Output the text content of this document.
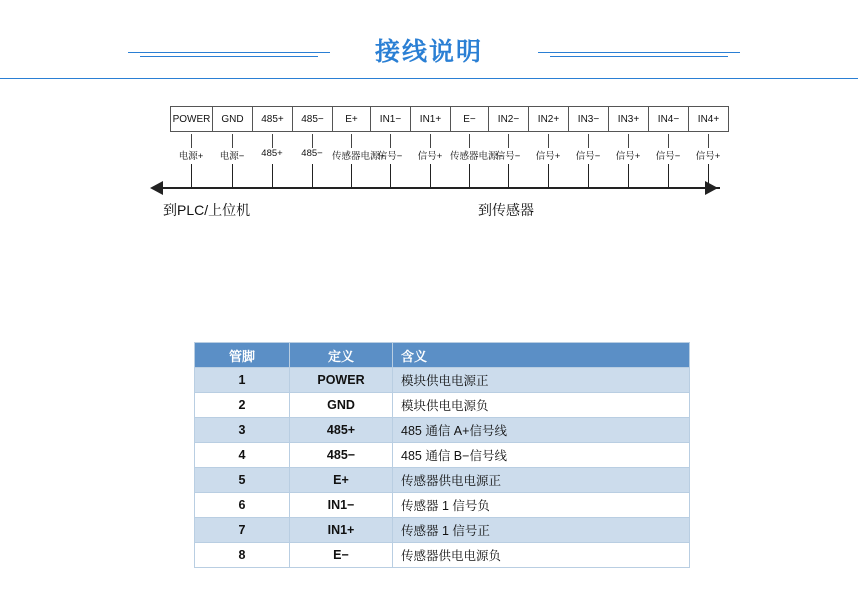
接线说明
POWER	GND	485+	485−	E+	IN1−	IN1+	E−	IN2−	IN2+	IN3−	IN3+	IN4−	IN4+
电源+	电源−	485+	485− 传感器电源+
信号−	信号+ 传感器电源−
信号−	信号+	信号−	信号+	信号−	信号+
到PLC/上位机	到传感器
管脚	定义	含义
1	POWER	模块供电电源正
2	GND	模块供电电源负
3	485+	485 通信 A+信号线
4	485−	485 通信 B−信号线
5	E+	传感器供电电源正
6	IN1−	传感器 1 信号负
7	IN1+	传感器 1 信号正
8	E−	传感器供电电源负
